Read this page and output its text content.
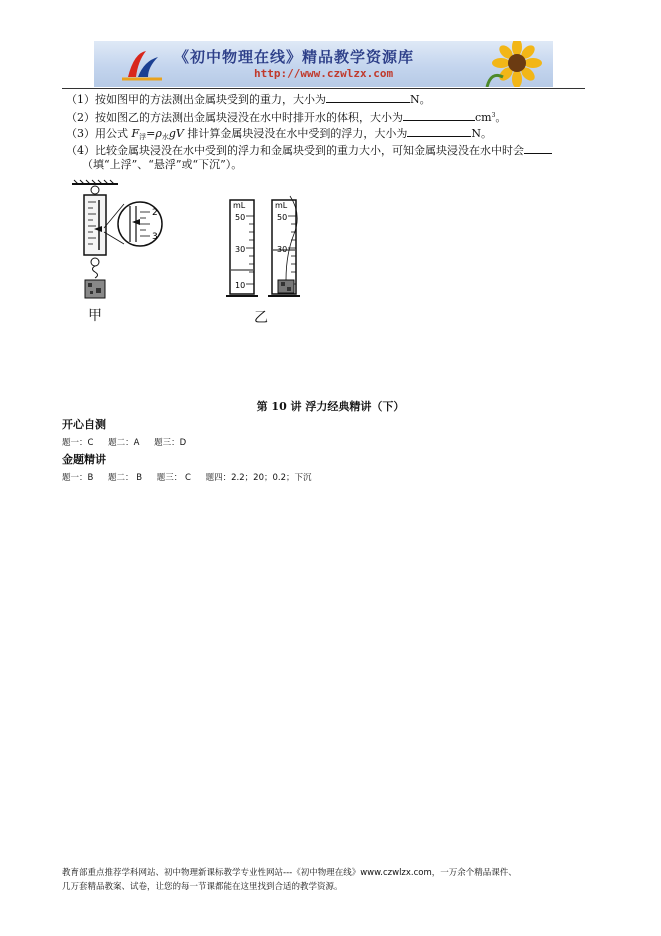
《初中物理在线》精品教学资源库
http://www.czwlzx.com
（1）按如图甲的方法测出金属块受到的重力，大小为	N。
（2）按如图乙的方法测出金属块浸没在水中时排开水的体积，大小为	$cm^3$。
（3）用公式 $F_浮=\rho_水gV$ 排计算金属块浸没在水中受到的浮力，大小为	N。
（4）比较金属块浸没在水中受到的浮力和金属块受到的重力大小，可知金属块浸没在水中时会
（填“上浮”、“悬浮”或“下沉”）。
2
3
甲
mL
50
30
10
mL
50
30
乙
第 10 讲 浮力经典精讲（下）
开心自测
题一：C 题二：A 题三：D
金题精讲
题一：B 题二： B 题三： C 题四：2.2；20；0.2；下沉
教育部重点推荐学科网站、初中物理新课标教学专业性网站---《初中物理在线》www.czwlzx.com，一万余个精品课件、
几万套精品教案、试卷，让您的每一节课都能在这里找到合适的教学资源。
